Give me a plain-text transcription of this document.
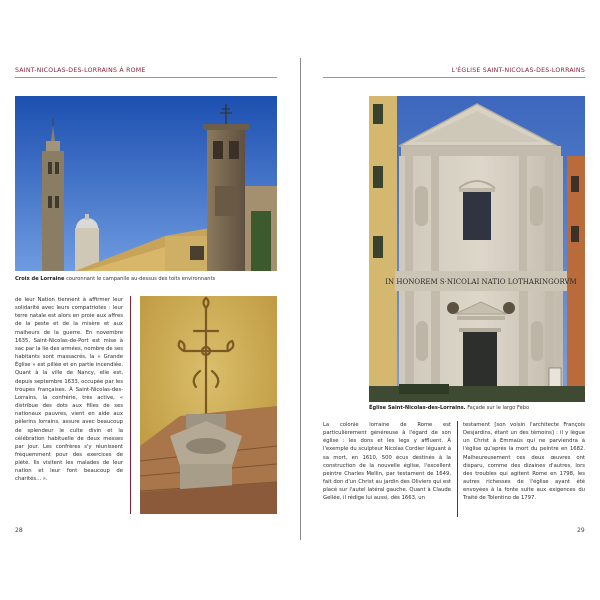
SAINT-NICOLAS-DES-LORRAINS À ROME
Croix de Lorraine couronnant le campanile au-dessus des toits environnants

de leur Nation tiennent à affirmer leur solidarité avec leurs compatriotes : leur terre natale est alors en proie aux affres de la peste et de la misère et aux malheurs de la guerre. En novembre 1635, Saint-Nicolas-de-Port est mise à sac par la lie des armées, nombre de ses habitants sont massacrés, la « Grande Église » est pillée et en partie incendiée. Quant à la ville de Nancy, elle est, depuis septembre 1633, occupée par les troupes françaises. À Saint-Nicolas-des-Lorrains, la confrérie, très active, « distribue des dots aux filles de ses nationaux pauvres, vient en aide aux pèlerins lorrains, assure avec beaucoup de splendeur le culte divin et la célébration habituelle de deux messes par jour. Les confrères s'y réunissent fréquemment pour des exercices de piété. Ils visitent les malades de leur nation et leur font beaucoup de charités... ».

28
L'ÉGLISE SAINT-NICOLAS-DES-LORRAINS
IN HONOREM S·NICOLAI NATIO LOTHARINGORVM
Église Saint-Nicolas-des-Lorrains. Façade sur le largo Febo

La colonie lorraine de Rome est particulièrement généreuse à l'égard de son église : les dons et les legs y affluent. À l'exemple du sculpteur Nicolas Cordier léguant à sa mort, en 1610, 500 écus destinés à la construction de la nouvelle église, l'excellent peintre Charles Mellin, par testament de 1649, fait don d'un Christ au jardin des Oliviers qui est placé sur l'autel latéral gauche. Quant à Claude Gellée, il rédige lui aussi, dès 1663, un

testament [son voisin l'architecte François Desjardins, étant un des témoins] : il y lègue un Christ à Emmaüs qui ne parviendra à l'église qu'après la mort du peintre en 1682. Malheureusement ces deux œuvres ont disparu, comme des dizaines d'autres, lors des troubles qui agitent Rome en 1798, les autres richesses de l'église ayant été envoyées à la fonte suite aux exigences du Traité de Tolentino de 1797.

29
